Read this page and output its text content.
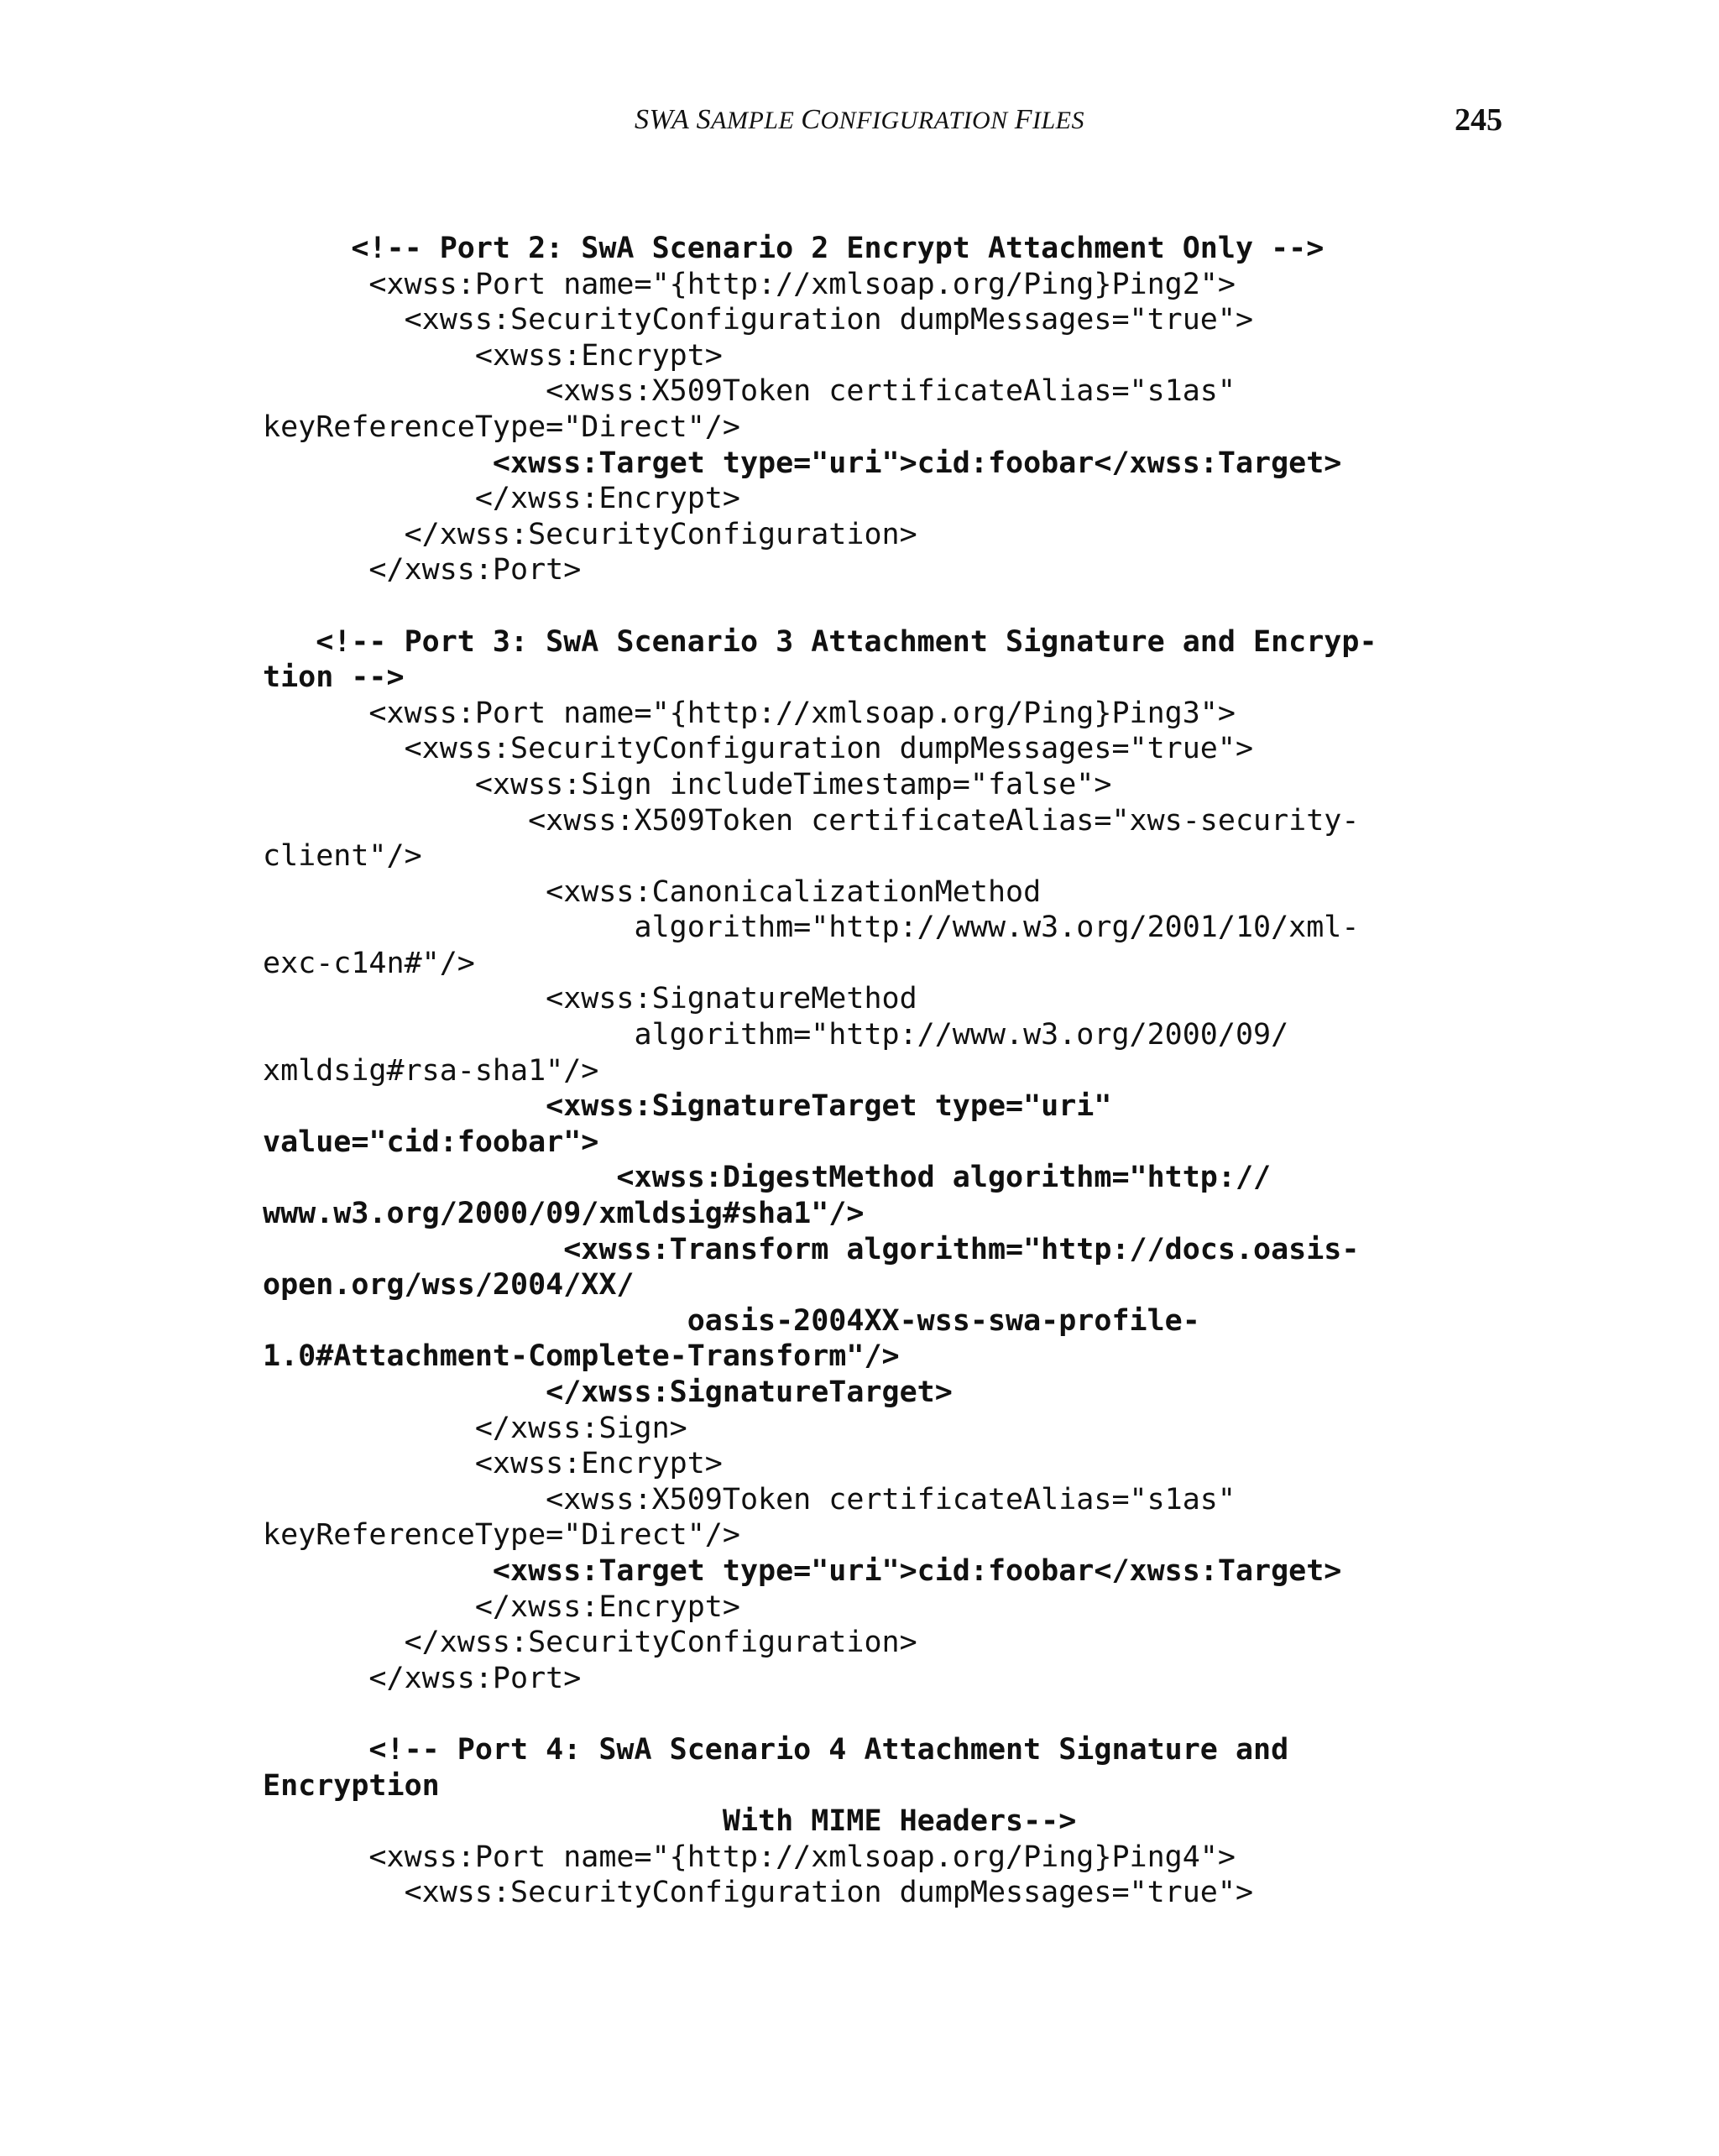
SWA SAMPLE CONFIGURATION FILES	245
<!-- Port 2: SwA Scenario 2 Encrypt Attachment Only -->
<xwss:Port name="{http://xmlsoap.org/Ping}Ping2">
<xwss:SecurityConfiguration dumpMessages="true">
<xwss:Encrypt>
<xwss:X509Token certificateAlias="s1as"
keyReferenceType="Direct"/>
<xwss:Target type="uri">cid:foobar</xwss:Target>
</xwss:Encrypt>
</xwss:SecurityConfiguration>
</xwss:Port>
<!-- Port 3: SwA Scenario 3 Attachment Signature and Encryp-
tion -->
<xwss:Port name="{http://xmlsoap.org/Ping}Ping3">
<xwss:SecurityConfiguration dumpMessages="true">
<xwss:Sign includeTimestamp="false">
<xwss:X509Token certificateAlias="xws-security-
client"/>
<xwss:CanonicalizationMethod
algorithm="http://www.w3.org/2001/10/xml-
exc-c14n#"/>
<xwss:SignatureMethod
algorithm="http://www.w3.org/2000/09/
xmldsig#rsa-sha1"/>
<xwss:SignatureTarget type="uri"
value="cid:foobar">
<xwss:DigestMethod algorithm="http://
www.w3.org/2000/09/xmldsig#sha1"/>
<xwss:Transform algorithm="http://docs.oasis-
open.org/wss/2004/XX/
oasis-2004XX-wss-swa-profile-
1.0#Attachment-Complete-Transform"/>
</xwss:SignatureTarget>
</xwss:Sign>
<xwss:Encrypt>
<xwss:X509Token certificateAlias="s1as"
keyReferenceType="Direct"/>
<xwss:Target type="uri">cid:foobar</xwss:Target>
</xwss:Encrypt>
</xwss:SecurityConfiguration>
</xwss:Port>
<!-- Port 4: SwA Scenario 4 Attachment Signature and
Encryption
With MIME Headers-->
<xwss:Port name="{http://xmlsoap.org/Ping}Ping4">
<xwss:SecurityConfiguration dumpMessages="true">
